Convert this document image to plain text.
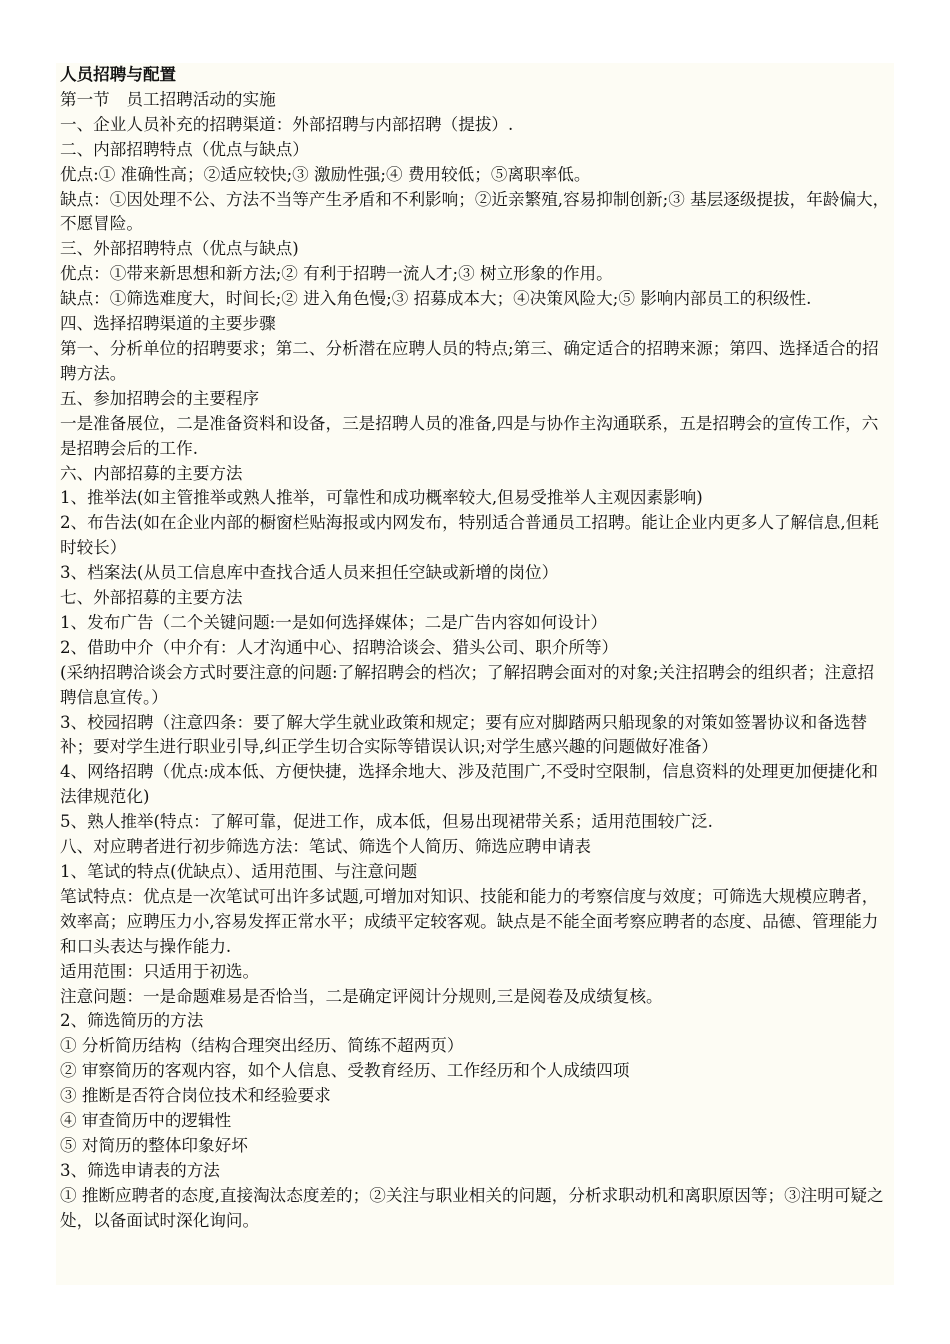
人员招聘与配置
第一节　员工招聘活动的实施
一、企业人员补充的招聘渠道：外部招聘与内部招聘（提拔）.
二、内部招聘特点（优点与缺点）
优点:① 准确性高；②适应较快;③ 激励性强;④ 费用较低；⑤离职率低。
缺点：①因处理不公、方法不当等产生矛盾和不利影响；②近亲繁殖,容易抑制创新;③ 基层逐级提拔，年龄偏大，不愿冒险。
三、外部招聘特点（优点与缺点)
优点：①带来新思想和新方法;② 有利于招聘一流人才;③ 树立形象的作用。
缺点：①筛选难度大，时间长;② 进入角色慢;③ 招募成本大；④决策风险大;⑤ 影响内部员工的积级性.
四、选择招聘渠道的主要步骤
第一、分析单位的招聘要求；第二、分析潜在应聘人员的特点;第三、确定适合的招聘来源；第四、选择适合的招聘方法。
五、参加招聘会的主要程序
一是准备展位，二是准备资料和设备，三是招聘人员的准备,四是与协作主沟通联系，五是招聘会的宣传工作，六是招聘会后的工作.
六、内部招募的主要方法
1、推举法(如主管推举或熟人推举，可靠性和成功概率较大,但易受推举人主观因素影响)
2、布告法(如在企业内部的橱窗栏贴海报或内网发布，特别适合普通员工招聘。能让企业内更多人了解信息,但耗时较长）
3、档案法(从员工信息库中查找合适人员来担任空缺或新增的岗位）
七、外部招募的主要方法
1、发布广告（二个关键问题:一是如何选择媒体；二是广告内容如何设计）
2、借助中介（中介有：人才沟通中心、招聘洽谈会、猎头公司、职介所等）
(采纳招聘洽谈会方式时要注意的问题:了解招聘会的档次；了解招聘会面对的对象;关注招聘会的组织者；注意招聘信息宣传。）
3、校园招聘（注意四条：要了解大学生就业政策和规定；要有应对脚踏两只船现象的对策如签署协议和备选替补；要对学生进行职业引导,纠正学生切合实际等错误认识;对学生感兴趣的问题做好准备）
4、网络招聘（优点:成本低、方便快捷，选择余地大、涉及范围广,不受时空限制，信息资料的处理更加便捷化和法律规范化)
5、熟人推举(特点：了解可靠，促进工作，成本低，但易出现裙带关系；适用范围较广泛.
八、对应聘者进行初步筛选方法：笔试、筛选个人简历、筛选应聘申请表
1、笔试的特点(优缺点）、适用范围、与注意问题
笔试特点：优点是一次笔试可出许多试题,可增加对知识、技能和能力的考察信度与效度；可筛选大规模应聘者，效率高；应聘压力小,容易发挥正常水平；成绩平定较客观。缺点是不能全面考察应聘者的态度、品德、管理能力和口头表达与操作能力.
适用范围：只适用于初选。
注意问题：一是命题难易是否恰当，二是确定评阅计分规则,三是阅卷及成绩复核。
2、筛选简历的方法
① 分析简历结构（结构合理突出经历、简练不超两页）
② 审察简历的客观内容，如个人信息、受教育经历、工作经历和个人成绩四项
③ 推断是否符合岗位技术和经验要求
④ 审查简历中的逻辑性
⑤ 对简历的整体印象好坏
3、筛选申请表的方法
① 推断应聘者的态度,直接淘汰态度差的；②关注与职业相关的问题，分析求职动机和离职原因等；③注明可疑之处，以备面试时深化询问。
